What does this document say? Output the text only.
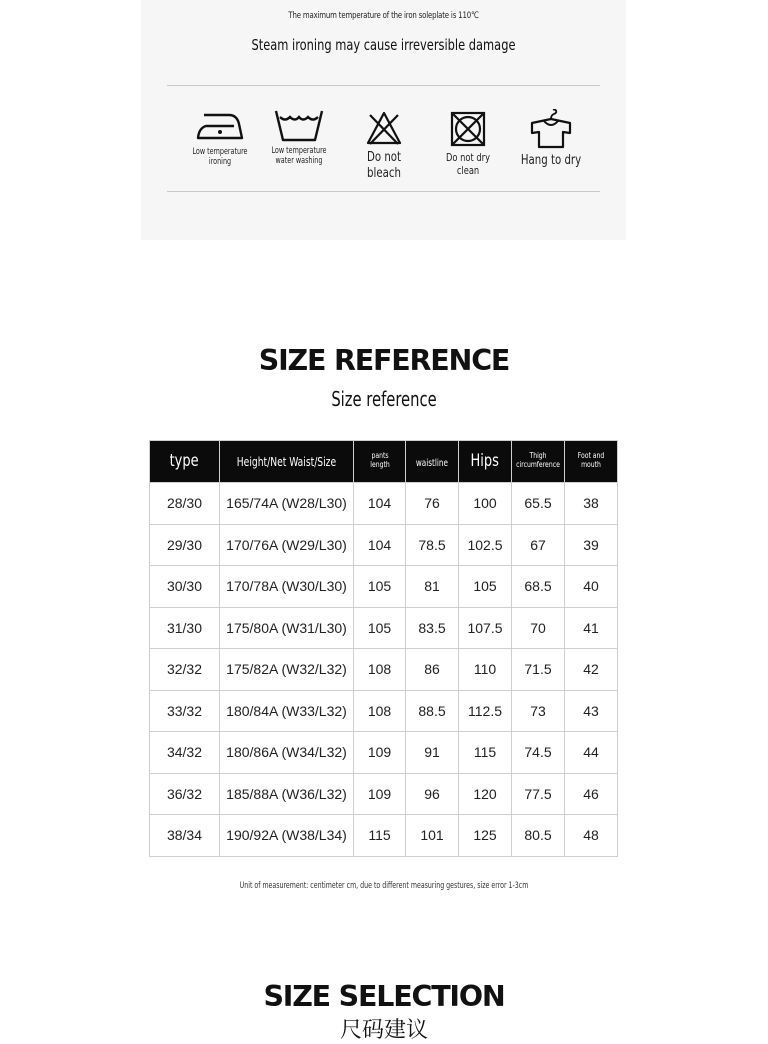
The maximum temperature of the iron soleplate is 110℃
Steam ironing may cause irreversible damage
Low temperature ironing
Low temperature water washing	Do not bleach
Do not dry clean
Hang to dry
SIZE REFERENCE
Size reference
type	Height/Net Waist/Size	pants length	waistline	Hips	Thigh circumference	Foot and mouth
28/30	165/74A (W28/L30)	104	76	100	65.5	38
29/30	170/76A (W29/L30)	104	78.5	102.5	67	39
30/30	170/78A (W30/L30)	105	81	105	68.5	40
31/30	175/80A (W31/L30)	105	83.5	107.5	70	41
32/32	175/82A (W32/L32)	108	86	110	71.5	42
33/32	180/84A (W33/L32)	108	88.5	112.5	73	43
34/32	180/86A (W34/L32)	109	91	115	74.5	44
36/32	185/88A (W36/L32)	109	96	120	77.5	46
38/34	190/92A (W38/L34)	115	101	125	80.5	48
Unit of measurement: centimeter cm, due to different measuring gestures, size error 1-3cm
SIZE SELECTION
尺码建议
